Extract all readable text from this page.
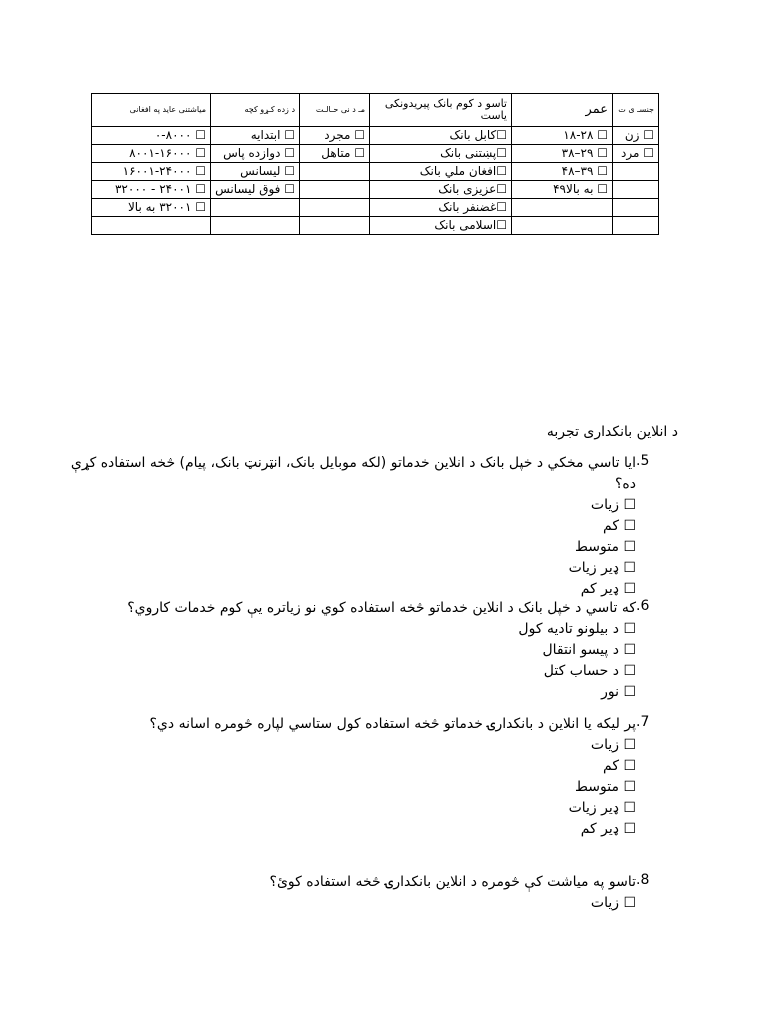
جنسـ ی ت	عمر	تاسو د کوم بانک پیریدونکی یاست	مـ د نی حـالـت	د زده کـړو کچه	میاشتنی عاید په افغانی
☐ زن	☐ ۱۸-۲۸	☐کابل بانک	☐ مجرد	☐ ابتدایه	☐ ۰-۸۰۰۰
☐ مرد	☐ ۲۹–۳۸	☐پښتنی بانک	☐ متاهل	☐ دوازده پاس	☐ ۸۰۰۱-۱۶۰۰۰
	☐ ۳۹–۴۸	☐افغان ملي بانک		☐ لیسانس	☐ ۱۶۰۰۱-۲۴۰۰۰
	☐ به بالا۴۹	☐عزیزی بانک		☐ فوق لیسانس	☐ ۲۴۰۰۱ - ۳۲۰۰۰
		☐غضنفر بانک			☐ ۳۲۰۰۱ به بالا
		☐اسلامی بانک			
د انلاین بانکداری تجربه
5.
ایا تاسي مخکي د خپل بانک د انلاین خدماتو (لکه موبایل بانک، انټرنټ بانک، پیام) څخه استفاده کړې ده؟
☐ زیات
☐ کم
☐ متوسط
☐ ډیر زیات
☐ ډیر کم
6.
که تاسي د خپل بانک د انلاین خدماتو څخه استفاده کوي نو زیاتره یې کوم خدمات کاروي؟
☐ د بیلونو تادیه کول
☐ د پیسو انتقال
☐ د حساب کتل
☐ نور
7.
پر لیکه یا انلاین د بانکدارۍ خدماتو څخه استفاده کول ستاسي لپاره څومره اسانه دي؟
☐ زیات
☐ کم
☐ متوسط
☐ ډیر زیات
☐ ډیر کم
8.
تاسو په میاشت کې څومره د انلاین بانکدارۍ څخه استفاده کوئ؟
☐ زیات
